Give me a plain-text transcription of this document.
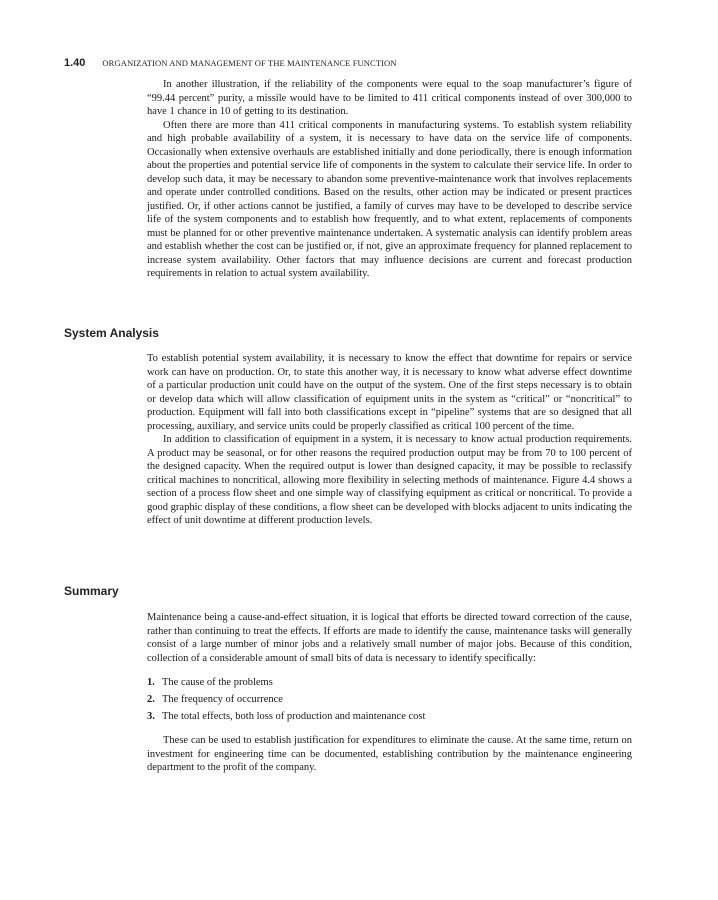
1.40 ORGANIZATION AND MANAGEMENT OF THE MAINTENANCE FUNCTION

In another illustration, if the reliability of the components were equal to the soap manufacturer’s figure of “99.44 percent” purity, a missile would have to be limited to 411 critical components instead of over 300,000 to have 1 chance in 10 of getting to its destination.

Often there are more than 411 critical components in manufacturing systems. To establish system reliability and high probable availability of a system, it is necessary to have data on the service life of components. Occasionally when extensive overhauls are established initially and done periodically, there is enough information about the properties and potential service life of components in the system to calculate their service life. In order to develop such data, it may be necessary to abandon some preventive-maintenance work that involves replacements and operate under controlled conditions. Based on the results, other action may be indicated or present practices justified. Or, if other actions cannot be justified, a family of curves may have to be developed to describe service life of the system components and to establish how frequently, and to what extent, replacements of components must be planned for or other preventive maintenance undertaken. A systematic analysis can identify problem areas and establish whether the cost can be justified or, if not, give an approximate frequency for planned replacement to increase system availability. Other factors that may influence decisions are current and forecast production requirements in relation to actual system availability.

System Analysis

To establish potential system availability, it is necessary to know the effect that downtime for repairs or service work can have on production. Or, to state this another way, it is necessary to know what adverse effect downtime of a particular production unit could have on the output of the system. One of the first steps necessary is to obtain or develop data which will allow classification of equipment units in the system as “critical” or “noncritical” to production. Equipment will fall into both classifications except in “pipeline” systems that are so designed that all processing, auxiliary, and service units could be properly classified as critical 100 percent of the time.

In addition to classification of equipment in a system, it is necessary to know actual production requirements. A product may be seasonal, or for other reasons the required production output may be from 70 to 100 percent of the designed capacity. When the required output is lower than designed capacity, it may be possible to reclassify critical machines to noncritical, allowing more flexibility in selecting methods of maintenance. Figure 4.4 shows a section of a process flow sheet and one simple way of classifying equipment as critical or noncritical. To provide a good graphic display of these conditions, a flow sheet can be developed with blocks adjacent to units indicating the effect of unit downtime at different production levels.

Summary

Maintenance being a cause-and-effect situation, it is logical that efforts be directed toward correction of the cause, rather than continuing to treat the effects. If efforts are made to identify the cause, maintenance tasks will generally consist of a large number of minor jobs and a relatively small number of major jobs. Because of this condition, collection of a considerable amount of small bits of data is necessary to identify specifically:

1. The cause of the problems
2. The frequency of occurrence
3. The total effects, both loss of production and maintenance cost

These can be used to establish justification for expenditures to eliminate the cause. At the same time, return on investment for engineering time can be documented, establishing contribution by the maintenance engineering department to the profit of the company.
